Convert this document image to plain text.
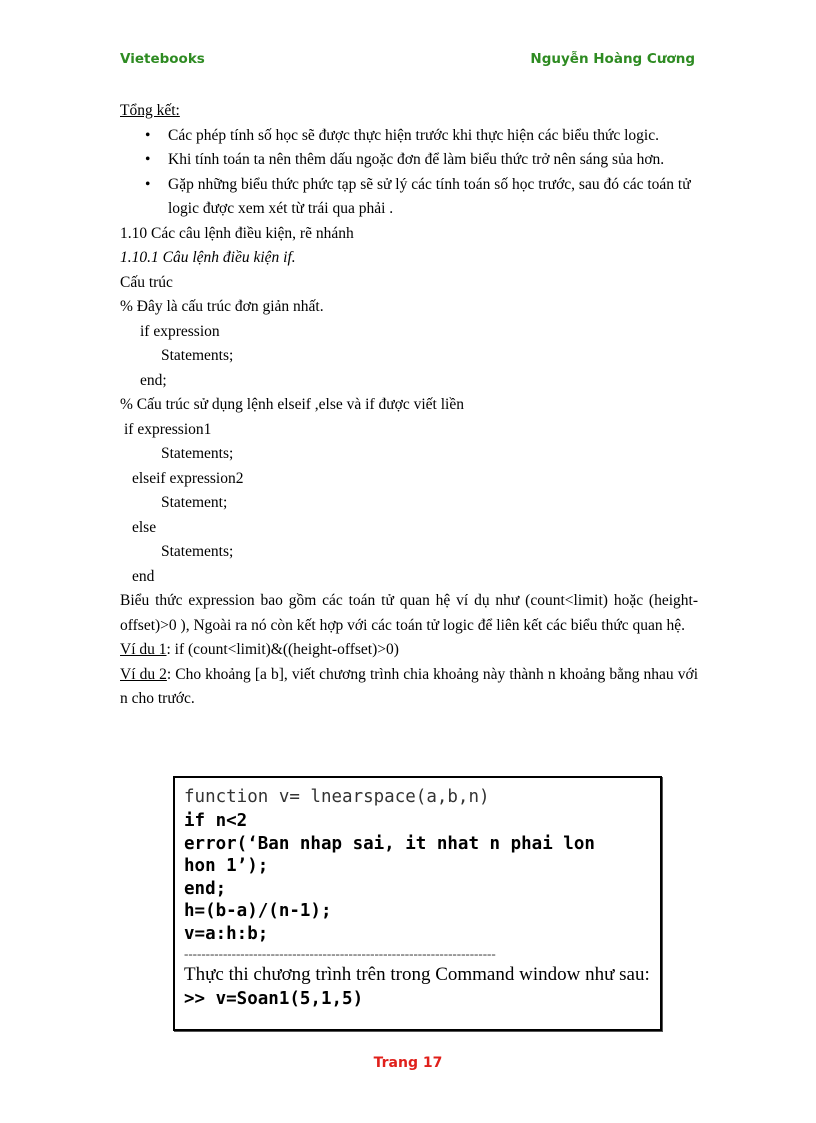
Vietebooks	Nguyễn Hoàng Cương
Tổng kết:
• Các phép tính số học sẽ được thực hiện trước khi thực hiện các biểu thức logic.
• Khi tính toán ta nên thêm dấu ngoặc đơn để làm biểu thức trở nên sáng sủa hơn.
• Gặp những biểu thức phức tạp sẽ sử lý các tính toán số học trước, sau đó các toán tử logic được xem xét từ trái qua phải .
1.10 Các câu lệnh điều kiện, rẽ nhánh
1.10.1 Câu lệnh điều kiện if.
Cấu trúc
% Đây là cấu trúc đơn giản nhất.
if expression
Statements;
end;
% Cấu trúc sử dụng lệnh elseif ,else và if được viết liền
if expression1
Statements;
elseif expression2
Statement;
else
Statements;
end
Biểu thức expression bao gồm các toán tử quan hệ ví dụ như (count<limit) hoặc (height-offset)>0 ), Ngoài ra nó còn kết hợp với các toán tử logic để liên kết các biểu thức quan hệ.
Ví du 1: if (count<limit)&((height-offset)>0)
Ví du 2: Cho khoảng [a b], viết chương trình chia khoảng này thành n khoảng bằng nhau với n cho trước.
function v= lnearspace(a,b,n)
if n<2
error(‘Ban nhap sai, it nhat n phai lon
hon 1’);
end;
h=(b-a)/(n-1);
v=a:h:b;
------------------------------------------------------------------------
Thực thi chương trình trên trong Command window như sau:
>> v=Soan1(5,1,5)
Trang 17
